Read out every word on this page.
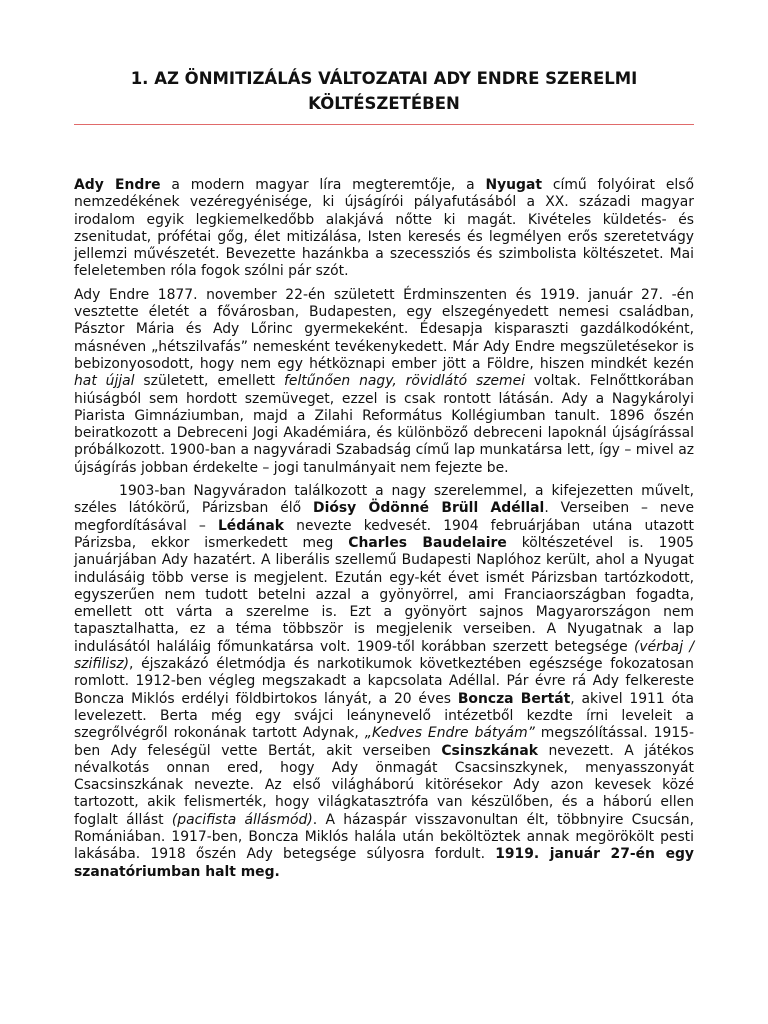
1. AZ ÖNMITIZÁLÁS VÁLTOZATAI ADY ENDRE SZERELMI KÖLTÉSZETÉBEN

Ady Endre a modern magyar líra megteremtője, a Nyugat című folyóirat első nemzedékének vezéregyénisége, ki újságírói pályafutásából a XX. századi magyar irodalom egyik legkiemelkedőbb alakjává nőtte ki magát. Kivételes küldetés- és zsenitudat, prófétai gőg, élet mitizálása, Isten keresés és legmélyen erős szeretetvágy jellemzi művészetét. Bevezette hazánkba a szecessziós és szimbolista költészetet. Mai feleletemben róla fogok szólni pár szót.

Ady Endre 1877. november 22-én született Érdminszenten és 1919. január 27. -én vesztette életét a fővárosban, Budapesten, egy elszegényedett nemesi családban, Pásztor Mária és Ady Lőrinc gyermekeként. Édesapja kisparaszti gazdálkodóként, másnéven „hétszilvafás” nemesként tevékenykedett. Már Ady Endre megszületésekor is bebizonyosodott, hogy nem egy hétköznapi ember jött a Földre, hiszen mindkét kezén hat újjal született, emellett feltűnően nagy, rövidlátó szemei voltak. Felnőttkorában hiúságból sem hordott szemüveget, ezzel is csak rontott látásán. Ady a Nagykárolyi Piarista Gimnáziumban, majd a Zilahi Református Kollégiumban tanult. 1896 őszén beiratkozott a Debreceni Jogi Akadémiára, és különböző debreceni lapoknál újságírással próbálkozott. 1900-ban a nagyváradi Szabadság című lap munkatársa lett, így – mivel az újságírás jobban érdekelte – jogi tanulmányait nem fejezte be.

1903-ban Nagyváradon találkozott a nagy szerelemmel, a kifejezetten művelt, széles látókörű, Párizsban élő Diósy Ödönné Brüll Adéllal. Verseiben – neve megfordításával – Lédának nevezte kedvesét. 1904 februárjában utána utazott Párizsba, ekkor ismerkedett meg Charles Baudelaire költészetével is. 1905 januárjában Ady hazatért. A liberális szellemű Budapesti Naplóhoz került, ahol a Nyugat indulásáig több verse is megjelent. Ezután egy-két évet ismét Párizsban tartózkodott, egyszerűen nem tudott betelni azzal a gyönyörrel, ami Franciaországban fogadta, emellett ott várta a szerelme is. Ezt a gyönyört sajnos Magyarországon nem tapasztalhatta, ez a téma többször is megjelenik verseiben. A Nyugatnak a lap indulásától haláláig főmunkatársa volt. 1909-től korábban szerzett betegsége (vérbaj / szifilisz), éjszakázó életmódja és narkotikumok következtében egészsége fokozatosan romlott. 1912-ben végleg megszakadt a kapcsolata Adéllal. Pár évre rá Ady felkereste Boncza Miklós erdélyi földbirtokos lányát, a 20 éves Boncza Bertát, akivel 1911 óta levelezett. Berta még egy svájci leánynevelő intézetből kezdte írni leveleit a szegrőlvégről rokonának tartott Adynak, „Kedves Endre bátyám” megszólítással. 1915-ben Ady feleségül vette Bertát, akit verseiben Csinszkának nevezett. A játékos névalkotás onnan ered, hogy Ady önmagát Csacsinszkynek, menyasszonyát Csacsinszkának nevezte. Az első világháború kitörésekor Ady azon kevesek közé tartozott, akik felismerték, hogy világkatasztrófa van készülőben, és a háború ellen foglalt állást (pacifista állásmód). A házaspár visszavonultan élt, többnyire Csucsán, Romániában. 1917-ben, Boncza Miklós halála után beköltöztek annak megörökölt pesti lakásába. 1918 őszén Ady betegsége súlyosra fordult. 1919. január 27-én egy szanatóriumban halt meg.
